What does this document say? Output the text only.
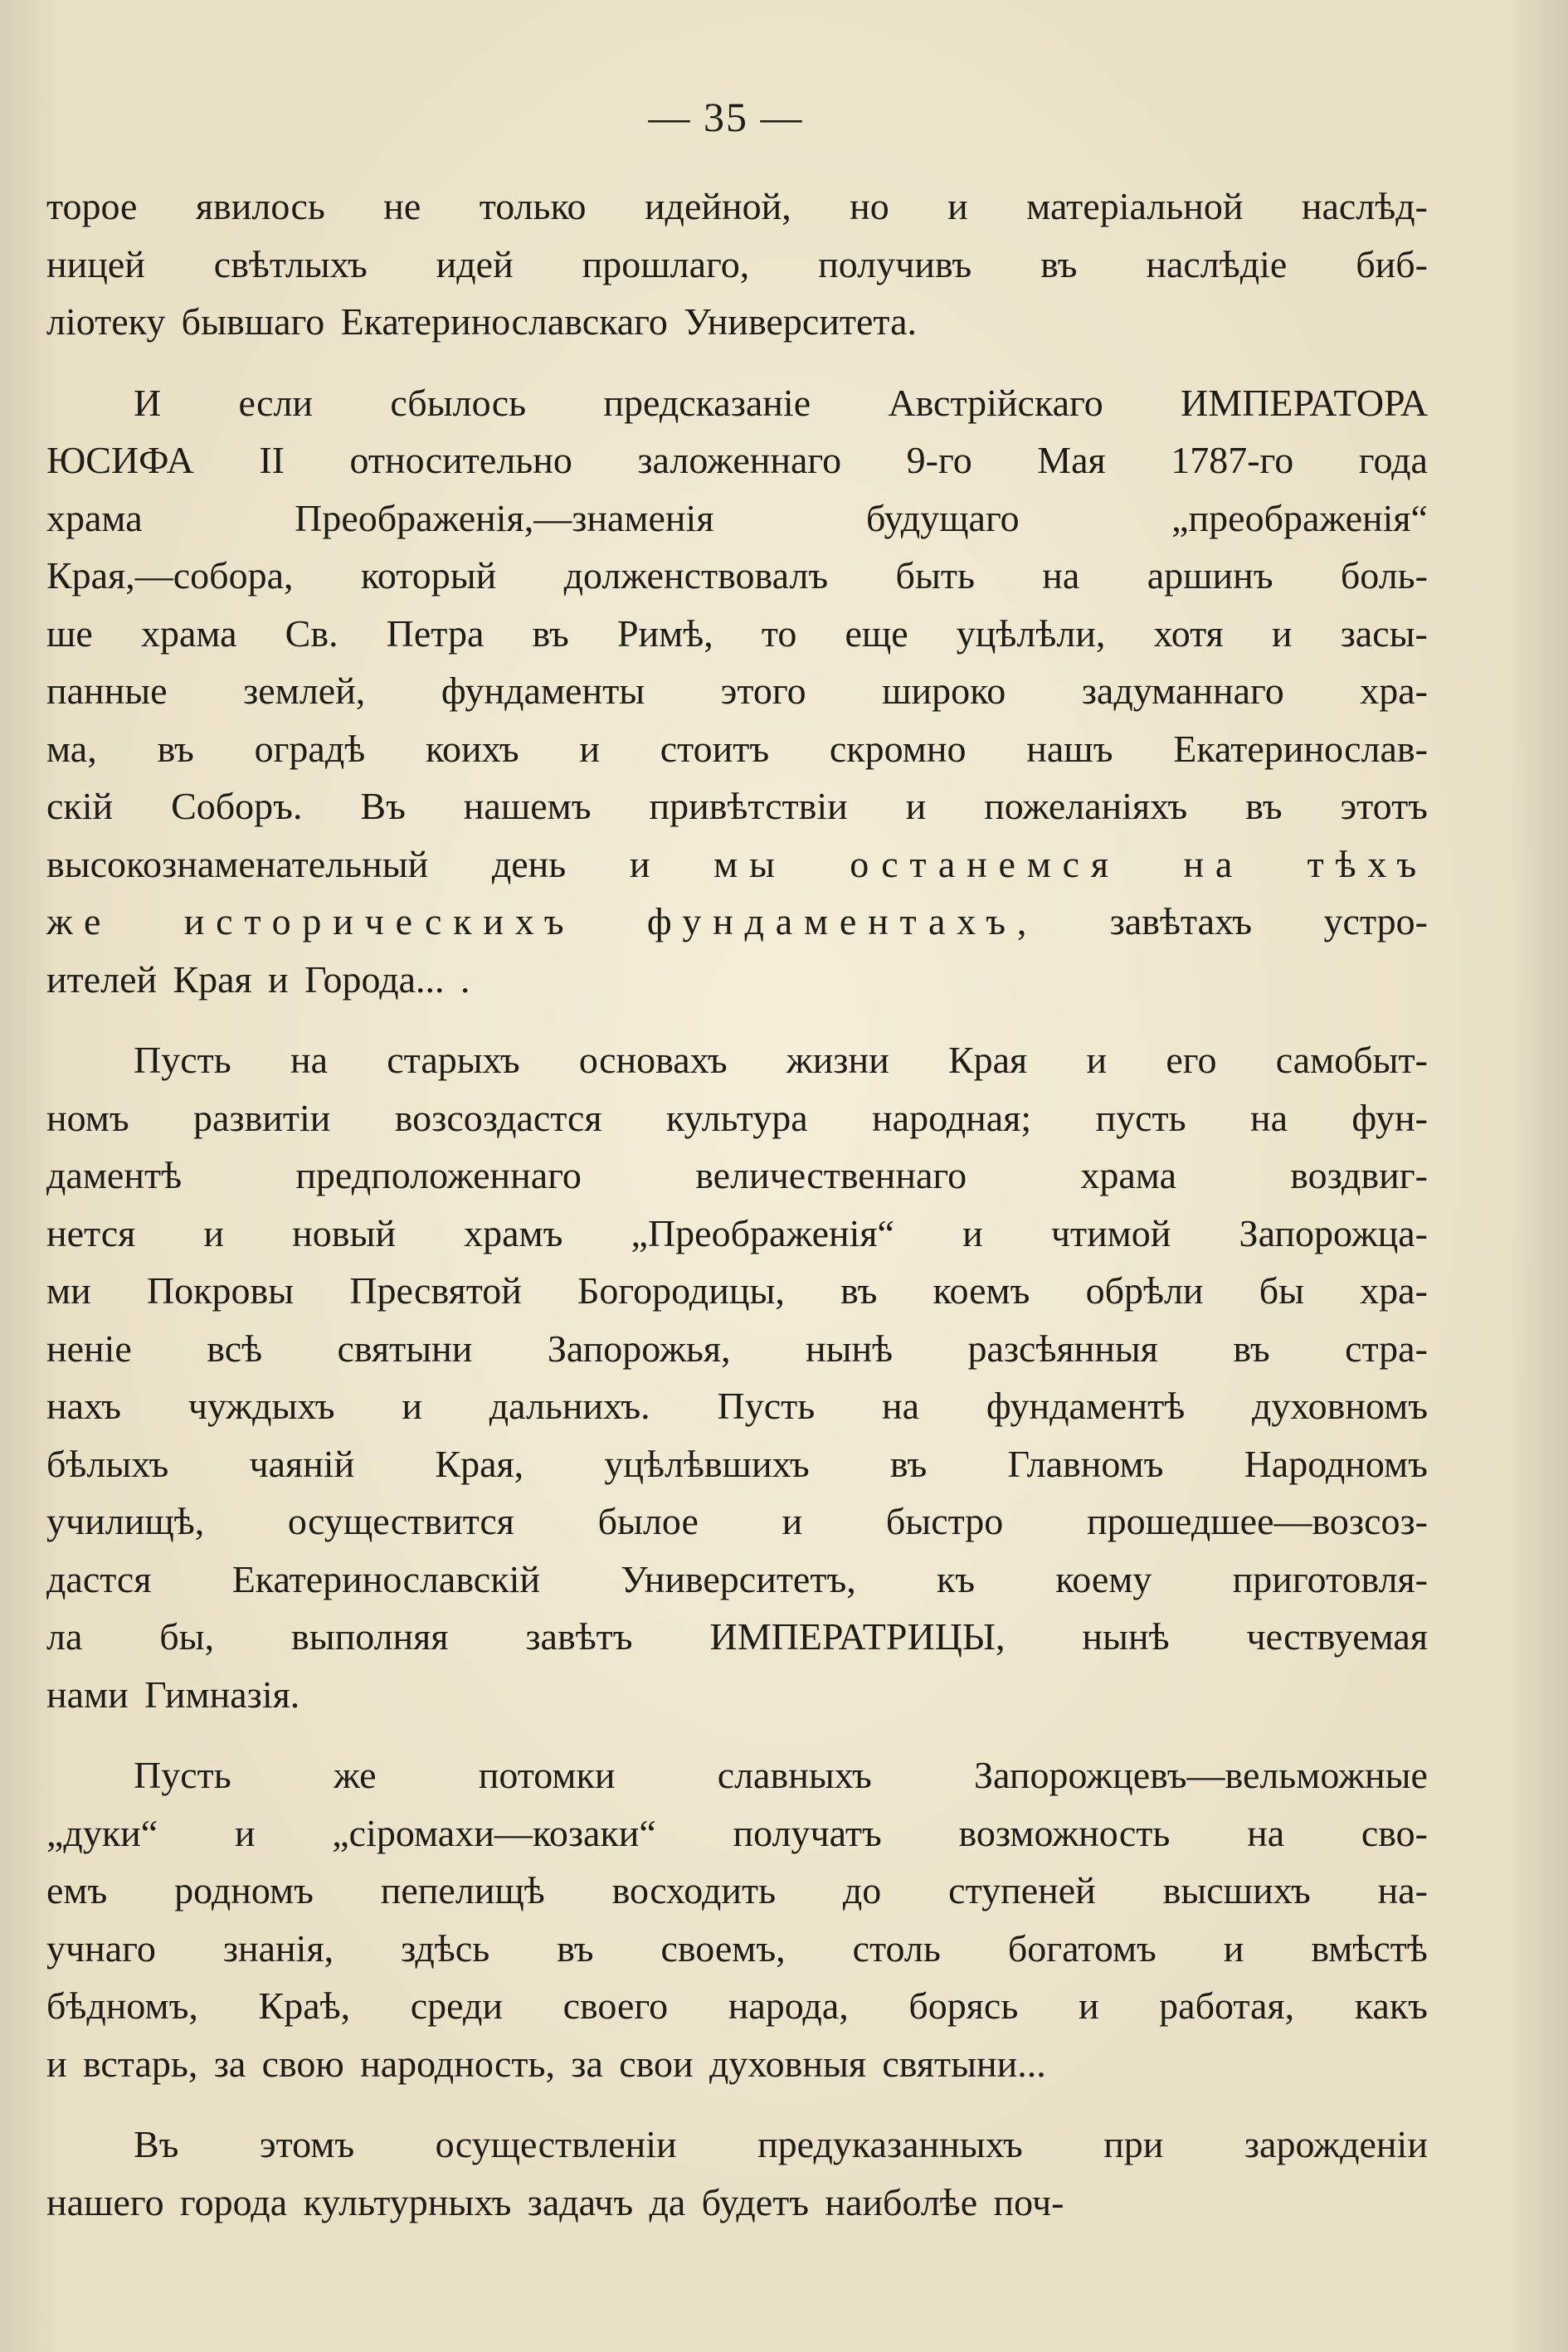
— 35 —
торое явилось не только идейной, но и матеріальной наслѣд-
ницей свѣтлыхъ идей прошлаго, получивъ въ наслѣдіе биб-
ліотеку бывшаго Екатеринославскаго Университета.
И если сбылось предсказаніе Австрійскаго ИМПЕРАТОРА
ЮСИФА II относительно заложеннаго 9-го Мая 1787-го года
храма	Преображенія,—знаменія	будущаго	„преображенія“
Края,—собора, который долженствовалъ быть на аршинъ боль-
ше храма Св. Петра въ Римѣ, то еще уцѣлѣли, хотя и засы-
панные землей, фундаменты этого широко задуманнаго хра-
ма, въ оградѣ коихъ и стоитъ скромно нашъ Екатеринослав-
скій Соборъ. Въ нашемъ привѣтствіи и пожеланіяхъ въ этотъ
высокознаменательный день и мы останемся на тѣхъ
же историческихъ фундаментахъ, завѣтахъ устро-
ителей Края и Города... .
Пусть на старыхъ основахъ жизни Края и его самобыт-
номъ развитіи возсоздастся культура народная; пусть на фун-
даментѣ	предположеннаго	величественнаго	храма	воздвиг-
нется и новый храмъ „Преображенія“ и чтимой Запорожца-
ми Покровы Пресвятой Богородицы, въ коемъ обрѣли бы хра-
неніе всѣ святыни Запорожья, нынѣ разсѣянныя въ стра-
нахъ чуждыхъ и дальнихъ. Пусть на фундаментѣ духовномъ
бѣлыхъ чаяній Края, уцѣлѣвшихъ въ Главномъ Народномъ
училищѣ, осуществится былое и быстро прошедшее—возсоз-
дастся Екатеринославскій Университетъ, къ коему приготовля-
ла бы, выполняя завѣтъ ИМПЕРАТРИЦЫ, нынѣ чествуемая
нами Гимназія.
Пусть	же	потомки	славныхъ	Запорожцевъ—вельможные
„дуки“ и „сіромахи—козаки“ получатъ возможность на сво-
емъ родномъ пепелищѣ восходить до ступеней высшихъ на-
учнаго знанія, здѣсь въ своемъ, столь богатомъ и вмѣстѣ
бѣдномъ, Краѣ, среди своего народа, борясь и работая, какъ
и встарь, за свою народность, за свои духовныя святыни...
Въ этомъ осуществленіи предуказанныхъ при зарожденіи
нашего города культурныхъ задачъ да будетъ наиболѣе поч-
